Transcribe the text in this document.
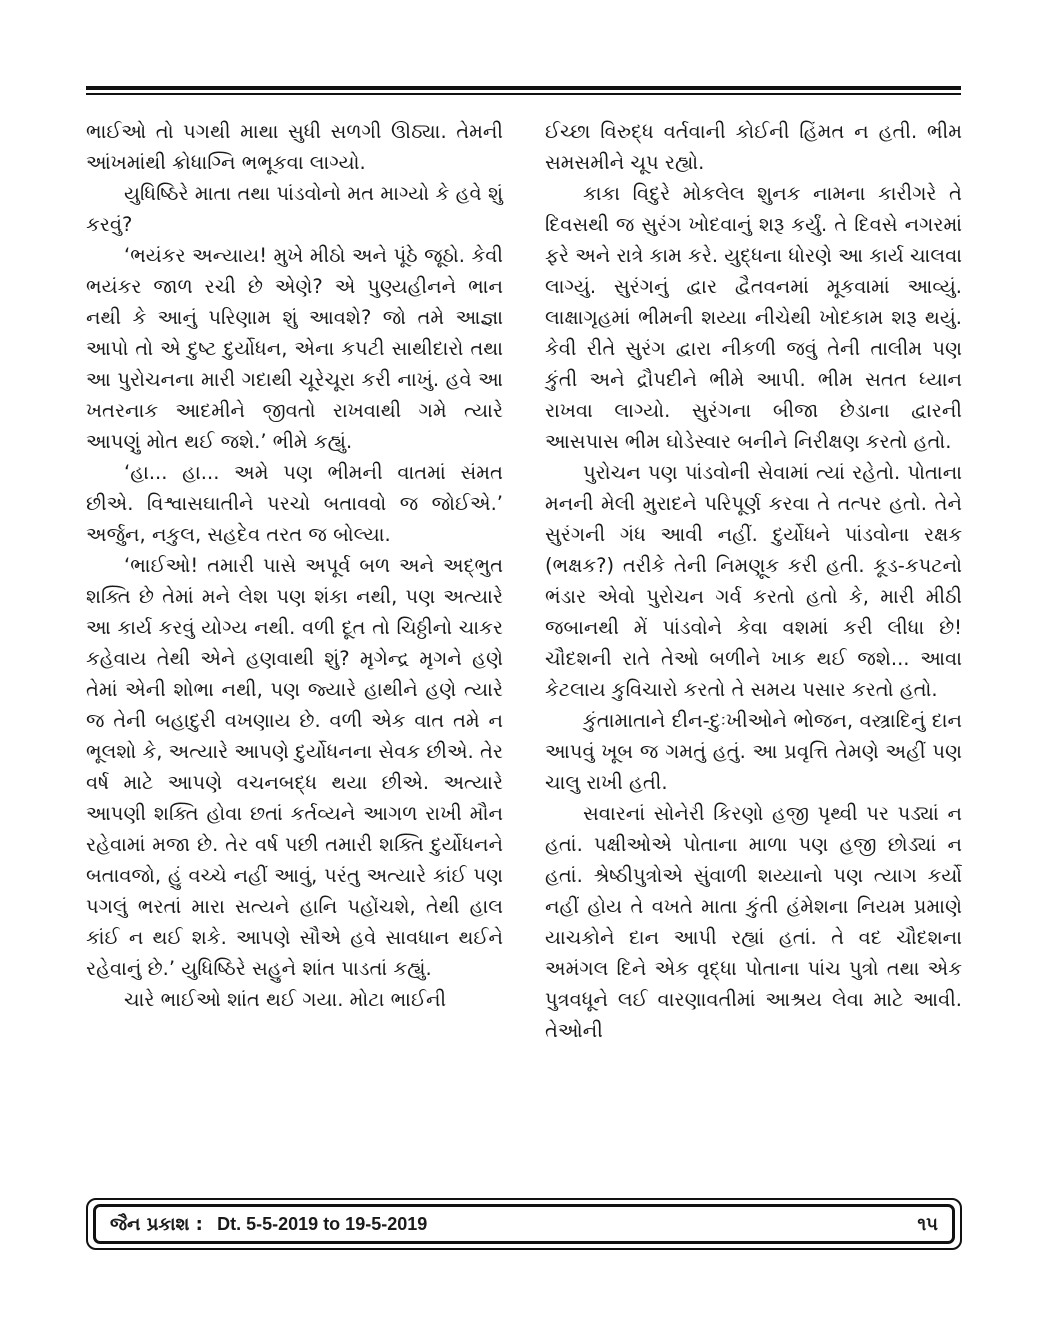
ભાઈઓ તો પગથી માથા સુધી સળગી ઊઠ્યા. તેમની આંખમાંથી ક્રોધાગ્નિ ભભૂકવા લાગ્યો.

યુધિષ્ઠિરે માતા તથા પાંડવોનો મત માગ્યો કે હવે શું કરવું?

‘ભયંકર અન્યાય! મુખે મીઠો અને પૂંઠે જૂઠો. કેવી ભયંકર જાળ રચી છે એણે? એ પુણ્યહીનને ભાન નથી કે આનું પરિણામ શું આવશે? જો તમે આજ્ઞા આપો તો એ દુષ્ટ દુર્યોધન, એના કપટી સાથીદારો તથા આ પુરોચનના મારી ગદાથી ચૂરેચૂરા કરી નાખું. હવે આ ખતરનાક આદમીને જીવતો રાખવાથી ગમે ત્યારે આપણું મોત થઈ જશે.’ ભીમે કહ્યું.

‘હા... હા... અમે પણ ભીમની વાતમાં સંમત છીએ. વિશ્વાસઘાતીને પરચો બતાવવો જ જોઈએ.’ અર્જુન, નકુલ, સહદેવ તરત જ બોલ્યા.

‘ભાઈઓ! તમારી પાસે અપૂર્વ બળ અને અદ્ભુત શક્તિ છે તેમાં મને લેશ પણ શંકા નથી, પણ અત્યારે આ કાર્ય કરવું યોગ્ય નથી. વળી દૂત તો ચિઠ્ઠીનો ચાકર કહેવાય તેથી એને હણવાથી શું? મૃગેન્દ્ર મૃગને હણે તેમાં એની શોભા નથી, પણ જ્યારે હાથીને હણે ત્યારે જ તેની બહાદુરી વખણાય છે. વળી એક વાત તમે ન ભૂલશો કે, અત્યારે આપણે દુર્યોધનના સેવક છીએ. તેર વર્ષ માટે આપણે વચનબદ્ધ થયા છીએ. અત્યારે આપણી શક્તિ હોવા છતાં કર્તવ્યને આગળ રાખી મૌન રહેવામાં મજા છે. તેર વર્ષ પછી તમારી શક્તિ દુર્યોધનને બતાવજો, હું વચ્ચે નહીં આવું, પરંતુ અત્યારે કાંઈ પણ પગલું ભરતાં મારા સત્યને હાનિ પહોંચશે, તેથી હાલ કાંઈ ન થઈ શકે. આપણે સૌએ હવે સાવધાન થઈને રહેવાનું છે.’ યુધિષ્ઠિરે સહુને શાંત પાડતાં કહ્યું.

ચારે ભાઈઓ શાંત થઈ ગયા. મોટા ભાઈની

ઈચ્છા વિરુદ્ધ વર્તવાની કોઈની હિંમત ન હતી. ભીમ સમસમીને ચૂપ રહ્યો.

કાકા વિદુરે મોકલેલ શુનક નામના કારીગરે તે દિવસથી જ સુરંગ ખોદવાનું શરૂ કર્યું. તે દિવસે નગરમાં ફરે અને રાત્રે કામ કરે. યુદ્ધના ધોરણે આ કાર્ય ચાલવા લાગ્યું. સુરંગનું દ્વાર દ્વૈતવનમાં મૂકવામાં આવ્યું. લાક્ષાગૃહમાં ભીમની શય્યા નીચેથી ખોદકામ શરૂ થયું. કેવી રીતે સુરંગ દ્વારા નીકળી જવું તેની તાલીમ પણ કુંતી અને દ્રૌપદીને ભીમે આપી. ભીમ સતત ધ્યાન રાખવા લાગ્યો. સુરંગના બીજા છેડાના દ્વારની આસપાસ ભીમ ઘોડેસ્વાર બનીને નિરીક્ષણ કરતો હતો.

પુરોચન પણ પાંડવોની સેવામાં ત્યાં રહેતો. પોતાના મનની મેલી મુરાદને પરિપૂર્ણ કરવા તે તત્પર હતો. તેને સુરંગની ગંધ આવી નહીં. દુર્યોધને પાંડવોના રક્ષક (ભક્ષક?) તરીકે તેની નિમણૂક કરી હતી. કૂડ-કપટનો ભંડાર એવો પુરોચન ગર્વ કરતો હતો કે, મારી મીઠી જબાનથી મેં પાંડવોને કેવા વશમાં કરી લીધા છે! ચૌદશની રાતે તેઓ બળીને ખાક થઈ જશે... આવા કેટલાય કુવિચારો કરતો તે સમય પસાર કરતો હતો.

કુંતામાતાને દીન-દુઃખીઓને ભોજન, વસ્ત્રાદિનું દાન આપવું ખૂબ જ ગમતું હતું. આ પ્રવૃત્તિ તેમણે અહીં પણ ચાલુ રાખી હતી.

સવારનાં સોનેરી કિરણો હજી પૃથ્વી પર પડ્યાં ન હતાં. પક્ષીઓએ પોતાના માળા પણ હજી છોડ્યાં ન હતાં. શ્રેષ્ઠીપુત્રોએ સુંવાળી શય્યાનો પણ ત્યાગ કર્યો નહીં હોય તે વખતે માતા કુંતી હંમેશના નિયમ પ્રમાણે યાચકોને દાન આપી રહ્યાં હતાં. તે વદ ચૌદશના અમંગલ દિને એક વૃદ્ધા પોતાના પાંચ પુત્રો તથા એક પુત્રવધૂને લઈ વારણાવતીમાં આશ્રય લેવા માટે આવી. તેઓની

જૈન પ્રકાશ : Dt. 5-5-2019 to 19-5-2019	૧૫
